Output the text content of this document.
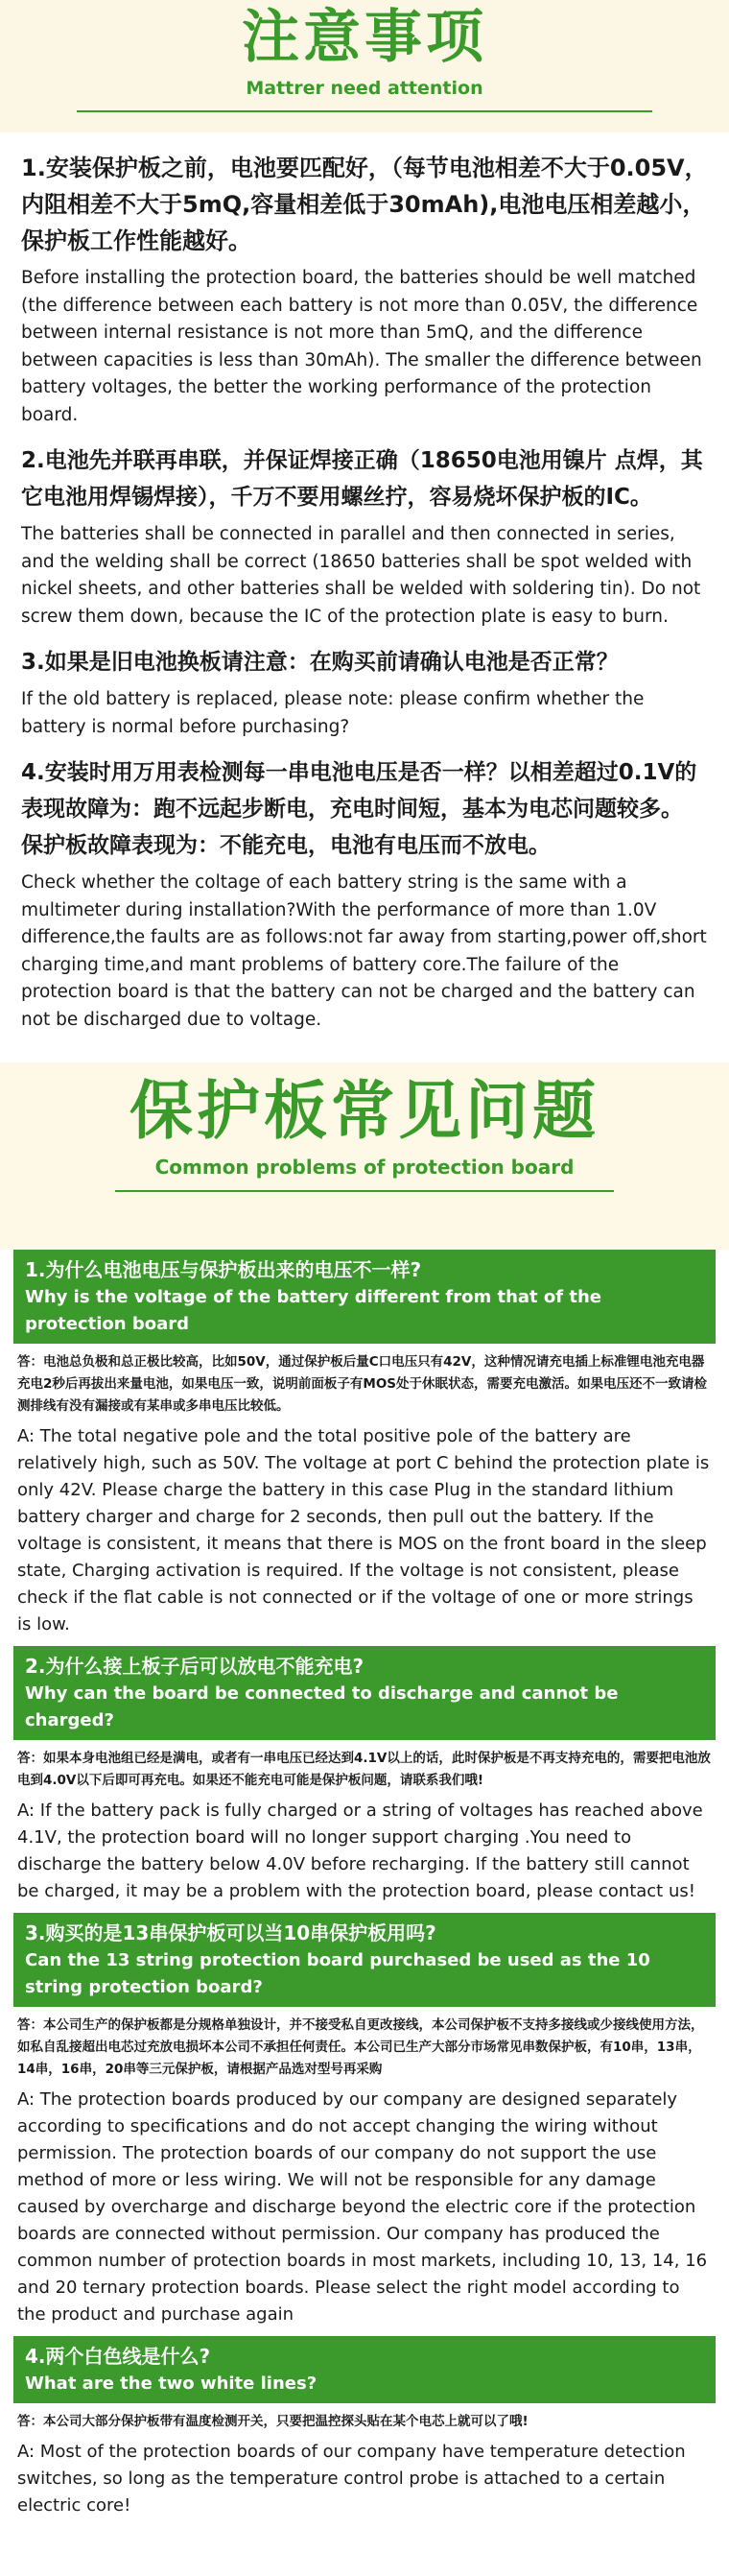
注意事项
Mattrer need attention

1.安装保护板之前，电池要匹配好，（每节电池相差不大于0.05V，内阻相差不大于5mQ,容量相差低于30mAh),电池电压相差越小，保护板工作性能越好。

Before installing the protection board, the batteries should be well matched (the difference between each battery is not more than 0.05V, the difference between internal resistance is not more than 5mQ, and the difference between capacities is less than 30mAh). The smaller the difference between battery voltages, the better the working performance of the protection board.

2.电池先并联再串联，并保证焊接正确（18650电池用镍片 点焊，其它电池用焊锡焊接），千万不要用螺丝拧，容易烧坏保护板的IC。

The batteries shall be connected in parallel and then connected in series, and the welding shall be correct (18650 batteries shall be spot welded with nickel sheets, and other batteries shall be welded with soldering tin). Do not screw them down, because the IC of the protection plate is easy to burn.

3.如果是旧电池换板请注意：在购买前请确认电池是否正常？

If the old battery is replaced, please note: please confirm whether the battery is normal before purchasing?

4.安装时用万用表检测每一串电池电压是否一样？以相差超过0.1V的表现故障为：跑不远起步断电，充电时间短，基本为电芯问题较多。

保护板故障表现为：不能充电，电池有电压而不放电。

Check whether the coltage of each battery string is the same with a multimeter during installation?With the performance of more than 1.0V difference,the faults are as follows:not far away from starting,power off,short charging time,and mant problems of battery core.The failure of the protection board is that the battery can not be charged and the battery can not be discharged due to voltage.

保护板常见问题
Common problems of protection board
1.为什么电池电压与保护板出来的电压不一样?
Why is the voltage of the battery different from that of the protection board

答：电池总负极和总正极比较高，比如50V，通过保护板后量C口电压只有42V，这种情况请充电插上标准锂电池充电器充电2秒后再拔出来量电池，如果电压一致，说明前面板子有MOS处于休眠状态，需要充电激活。如果电压还不一致请检测排线有没有漏接或有某串或多串电压比较低。

A: The total negative pole and the total positive pole of the battery are relatively high, such as 50V. The voltage at port C behind the protection plate is only 42V. Please charge the battery in this case Plug in the standard lithium battery charger and charge for 2 seconds, then pull out the battery. If the voltage is consistent, it means that there is MOS on the front board in the sleep state, Charging activation is required. If the voltage is not consistent, please check if the flat cable is not connected or if the voltage of one or more strings is low.

2.为什么接上板子后可以放电不能充电?
Why can the board be connected to discharge and cannot be charged?

答：如果本身电池组已经是满电，或者有一串电压已经达到4.1V以上的话，此时保护板是不再支持充电的，需要把电池放电到4.0V以下后即可再充电。如果还不能充电可能是保护板问题，请联系我们哦!

A: If the battery pack is fully charged or a string of voltages has reached above 4.1V, the protection board will no longer support charging .You need to discharge the battery below 4.0V before recharging. If the battery still cannot be charged, it may be a problem with the protection board, please contact us!

3.购买的是13串保护板可以当10串保护板用吗?
Can the 13 string protection board purchased be used as the 10 string protection board?

答：本公司生产的保护板都是分规格单独设计，并不接受私自更改接线，本公司保护板不支持多接线或少接线使用方法，如私自乱接超出电芯过充放电损坏本公司不承担任何责任。本公司已生产大部分市场常见串数保护板，有10串，13串，14串，16串，20串等三元保护板，请根据产品选对型号再采购

A: The protection boards produced by our company are designed separately according to specifications and do not accept changing the wiring without permission. The protection boards of our company do not support the use method of more or less wiring. We will not be responsible for any damage caused by overcharge and discharge beyond the electric core if the protection boards are connected without permission. Our company has produced the common number of protection boards in most markets, including 10, 13, 14, 16 and 20 ternary protection boards. Please select the right model according to the product and purchase again

4.两个白色线是什么?
What are the two white lines?

答：本公司大部分保护板带有温度检测开关，只要把温控探头贴在某个电芯上就可以了哦!

A: Most of the protection boards of our company have temperature detection switches, so long as the temperature control probe is attached to a certain electric core!
